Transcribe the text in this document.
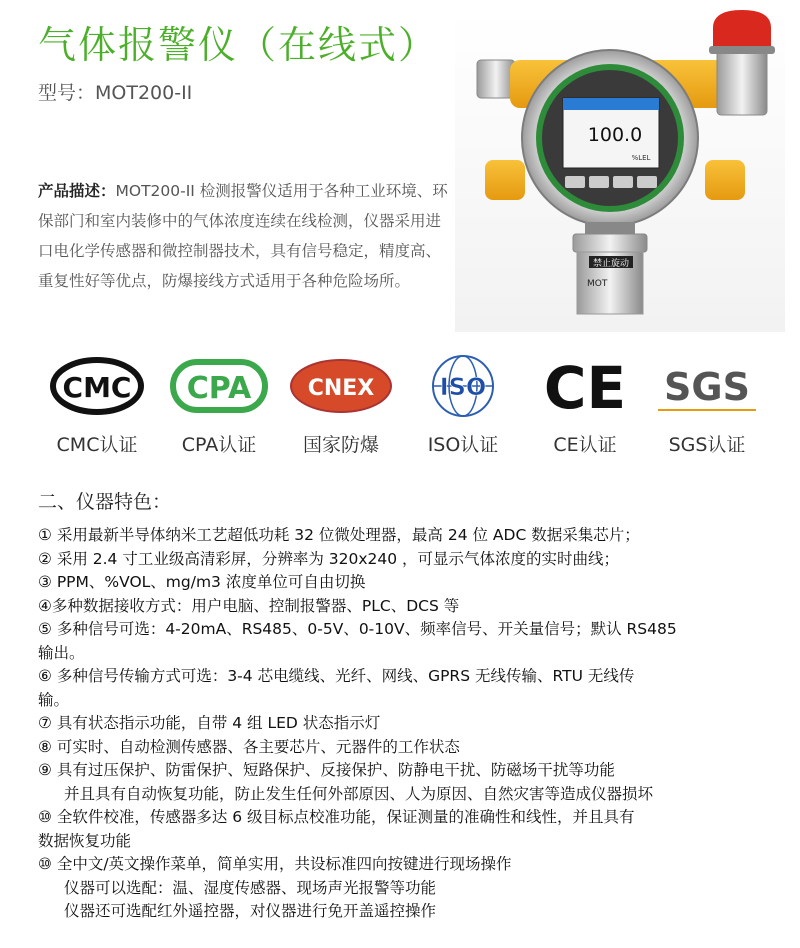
气体报警仪（在线式）
型号：MOT200-II
产品描述：MOT200-II 检测报警仪适用于各种工业环境、环保部门和室内装修中的气体浓度连续在线检测，仪器采用进口电化学传感器和微控制器技术，具有信号稳定，精度高、重复性好等优点，防爆接线方式适用于各种危险场所。
100.0
%LEL
禁止旋动
MOT
CMC
CMC认证
CPA
CPA认证
CNEX
国家防爆
ISO
ISO认证
CE
CE认证
SGS
SGS认证
二、仪器特色：
① 采用最新半导体纳米工艺超低功耗 32 位微处理器，最高 24 位 ADC 数据采集芯片；
② 采用 2.4 寸工业级高清彩屏，分辨率为 320x240 ，可显示气体浓度的实时曲线；
③ PPM、%VOL、mg/m3 浓度单位可自由切换
④多种数据接收方式：用户电脑、控制报警器、PLC、DCS 等
⑤ 多种信号可选：4-20mA、RS485、0-5V、0-10V、频率信号、开关量信号；默认 RS485
输出。
⑥ 多种信号传输方式可选：3-4 芯电缆线、光纤、网线、GPRS 无线传输、RTU 无线传
输。
⑦ 具有状态指示功能，自带 4 组 LED 状态指示灯
⑧ 可实时、自动检测传感器、各主要芯片、元器件的工作状态
⑨ 具有过压保护、防雷保护、短路保护、反接保护、防静电干扰、防磁场干扰等功能
并且具有自动恢复功能，防止发生任何外部原因、人为原因、自然灾害等造成仪器损坏
⑩ 全软件校准，传感器多达 6 级目标点校准功能，保证测量的准确性和线性，并且具有
数据恢复功能
⑩ 全中文/英文操作菜单，简单实用，共设标准四向按键进行现场操作
仪器可以选配：温、湿度传感器、现场声光报警等功能
仪器还可选配红外遥控器，对仪器进行免开盖遥控操作
